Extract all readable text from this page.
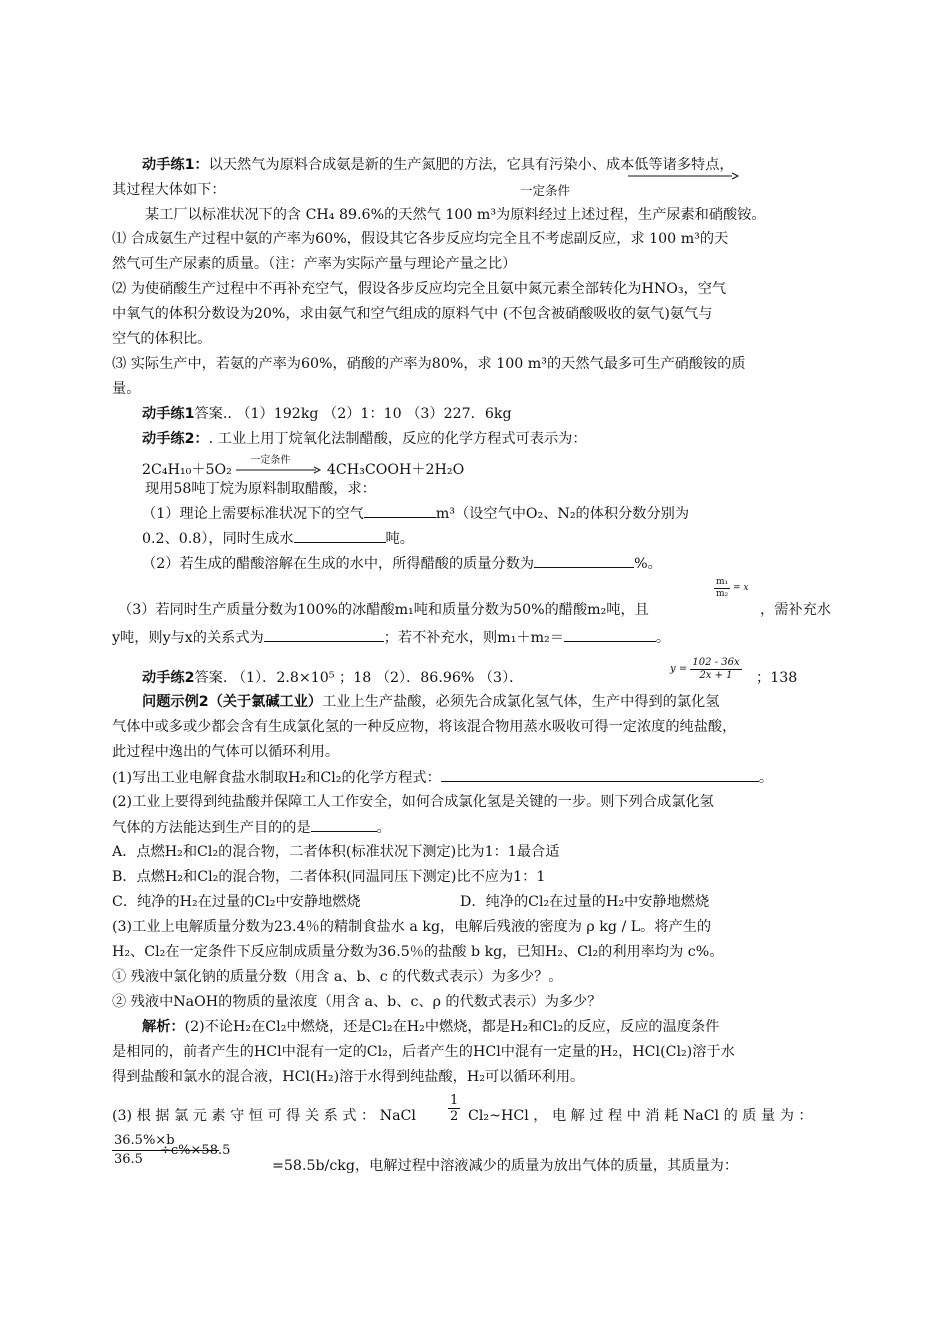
动手练1：以天然气为原料合成氨是新的生产氮肥的方法，它具有污染小、成本低等诸多特点，
其过程大体如下：	一定条件
某工厂以标准状况下的含 CH₄ 89.6%的天然气 100 m³为原料经过上述过程，生产尿素和硝酸铵。
⑴ 合成氨生产过程中氨的产率为60%，假设其它各步反应均完全且不考虑副反应，求 100 m³的天
然气可生产尿素的质量。（注：产率为实际产量与理论产量之比）
⑵ 为使硝酸生产过程中不再补充空气，假设各步反应均完全且氨中氮元素全部转化为HNO₃，空气
中氧气的体积分数设为20%，求由氨气和空气组成的原料气中 (不包含被硝酸吸收的氨气)氨气与
空气的体积比。
⑶ 实际生产中，若氨的产率为60%，硝酸的产率为80%，求 100 m³的天然气最多可生产硝酸铵的质
量。
动手练1答案.. （1）192kg （2）1：10 （3）227．6kg
动手练2：. 工业上用丁烷氧化法制醋酸，反应的化学方程式可表示为：
2C₄H₁₀＋5O₂
一定条件
4CH₃COOH＋2H₂O
现用58吨丁烷为原料制取醋酸，求：
（1）理论上需要标准状况下的空气	m³（设空气中O₂、N₂的体积分数分别为
0.2、0.8），同时生成水	吨。
（2）若生成的醋酸溶解在生成的水中，所得醋酸的质量分数为	%。
（3）若同时生产质量分数为100%的冰醋酸m₁吨和质量分数为50%的醋酸m₂吨，且
$\frac{\text{m₁}}{\text{m₂}} = x$
，需补充水
y吨，则y与x的关系式为	；若不补充水，则m₁＋m₂＝	。
动手练2答案. （1）．2.8×10⁵ ；18 （2）．86.96% （3）．
$y = \frac{102 - 36x}{2x + 1}$ ；138
问题示例2（关于氯碱工业）工业上生产盐酸，必须先合成氯化氢气体，生产中得到的氯化氢
气体中或多或少都会含有生成氯化氢的一种反应物，将该混合物用蒸水吸收可得一定浓度的纯盐酸，
此过程中逸出的气体可以循环利用。
(1)写出工业电解食盐水制取H₂和Cl₂的化学方程式：	。
(2)工业上要得到纯盐酸并保障工人工作安全，如何合成氯化氢是关键的一步。则下列合成氯化氢
气体的方法能达到生产目的的是	。
A．点燃H₂和Cl₂的混合物，二者体积(标准状况下测定)比为1：1最合适
B．点燃H₂和Cl₂的混合物，二者体积(同温同压下测定)比不应为1：1
C．纯净的H₂在过量的Cl₂中安静地燃烧	D．纯净的Cl₂在过量的H₂中安静地燃烧
(3)工业上电解质量分数为23.4％的精制食盐水 a kg，电解后残液的密度为 ρ kg / L。将产生的
H₂、Cl₂在一定条件下反应制成质量分数为36.5％的盐酸 b kg，已知H₂、Cl₂的利用率均为 c%。
① 残液中氯化钠的质量分数（用含 a、b、c 的代数式表示）为多少？。
② 残液中NaOH的物质的量浓度（用含 a、b、c、ρ 的代数式表示）为多少？
解析：(2)不论H₂在Cl₂中燃烧，还是Cl₂在H₂中燃烧，都是H₂和Cl₂的反应，反应的温度条件
是相同的，前者产生的HCl中混有一定的Cl₂，后者产生的HCl中混有一定量的H₂，HCl(Cl₂)溶于水
得到盐酸和氯水的混合液，HCl(H₂)溶于水得到纯盐酸，H₂可以循环利用。
(3) 根 据 氯 元 素 守 恒 可 得 关 系 式 ： NaCl $\frac{1}{2}$ Cl₂~HCl ， 电 解 过 程 中 消 耗 NaCl 的 质 量 为 ：
$\frac{36.5\%\times b}{36.5}$
÷c%×58.5
=58.5b/ckg，电解过程中溶液减少的质量为放出气体的质量，其质量为：
